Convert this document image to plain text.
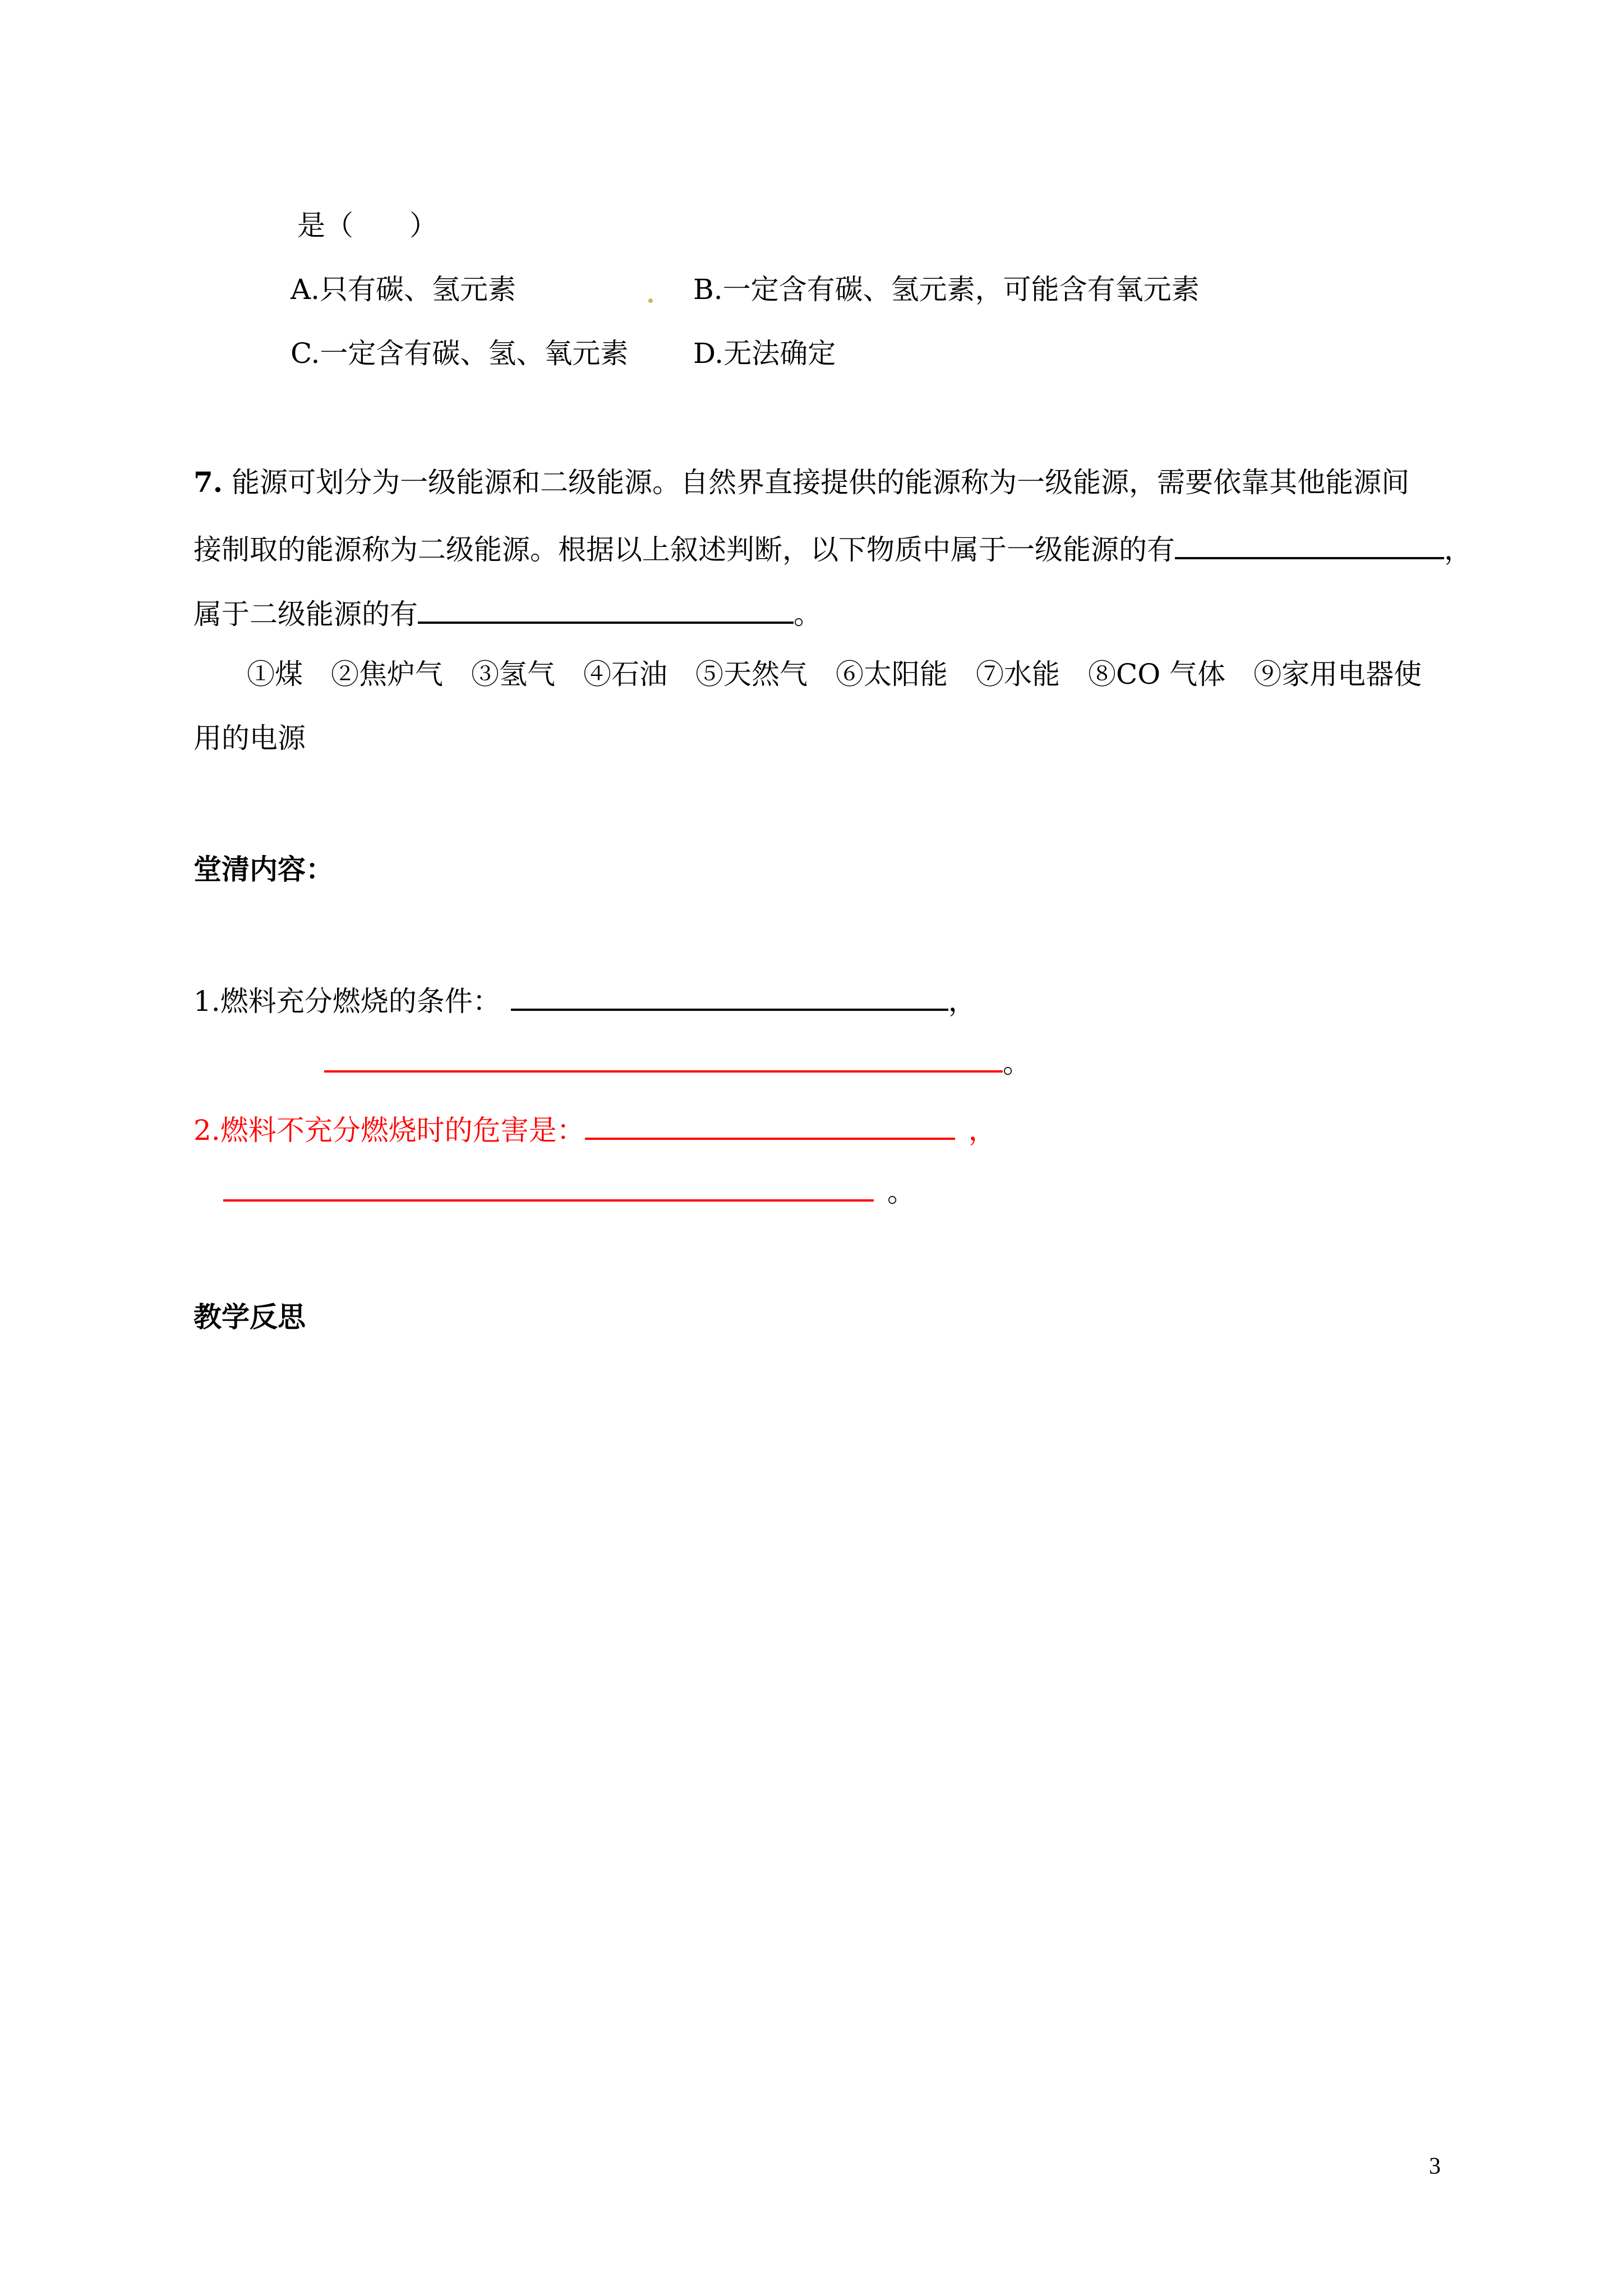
是（　　）
A.只有碳、氢元素	B.一定含有碳、氢元素，可能含有氧元素
C.一定含有碳、氢、氧元素 D.无法确定
7. 能源可划分为一级能源和二级能源。自然界直接提供的能源称为一级能源，需要依靠其他能源间
接制取的能源称为二级能源。根据以上叙述判断，以下物质中属于一级能源的有	，
属于二级能源的有	。
①煤　②焦炉气　③氢气　④石油　⑤天然气　⑥太阳能　⑦水能　⑧CO 气体　⑨家用电器使
用的电源
堂清内容：
1.燃料充分燃烧的条件：	，
。
2.燃料不充分燃烧时的危害是：	，
。
教学反思
3
